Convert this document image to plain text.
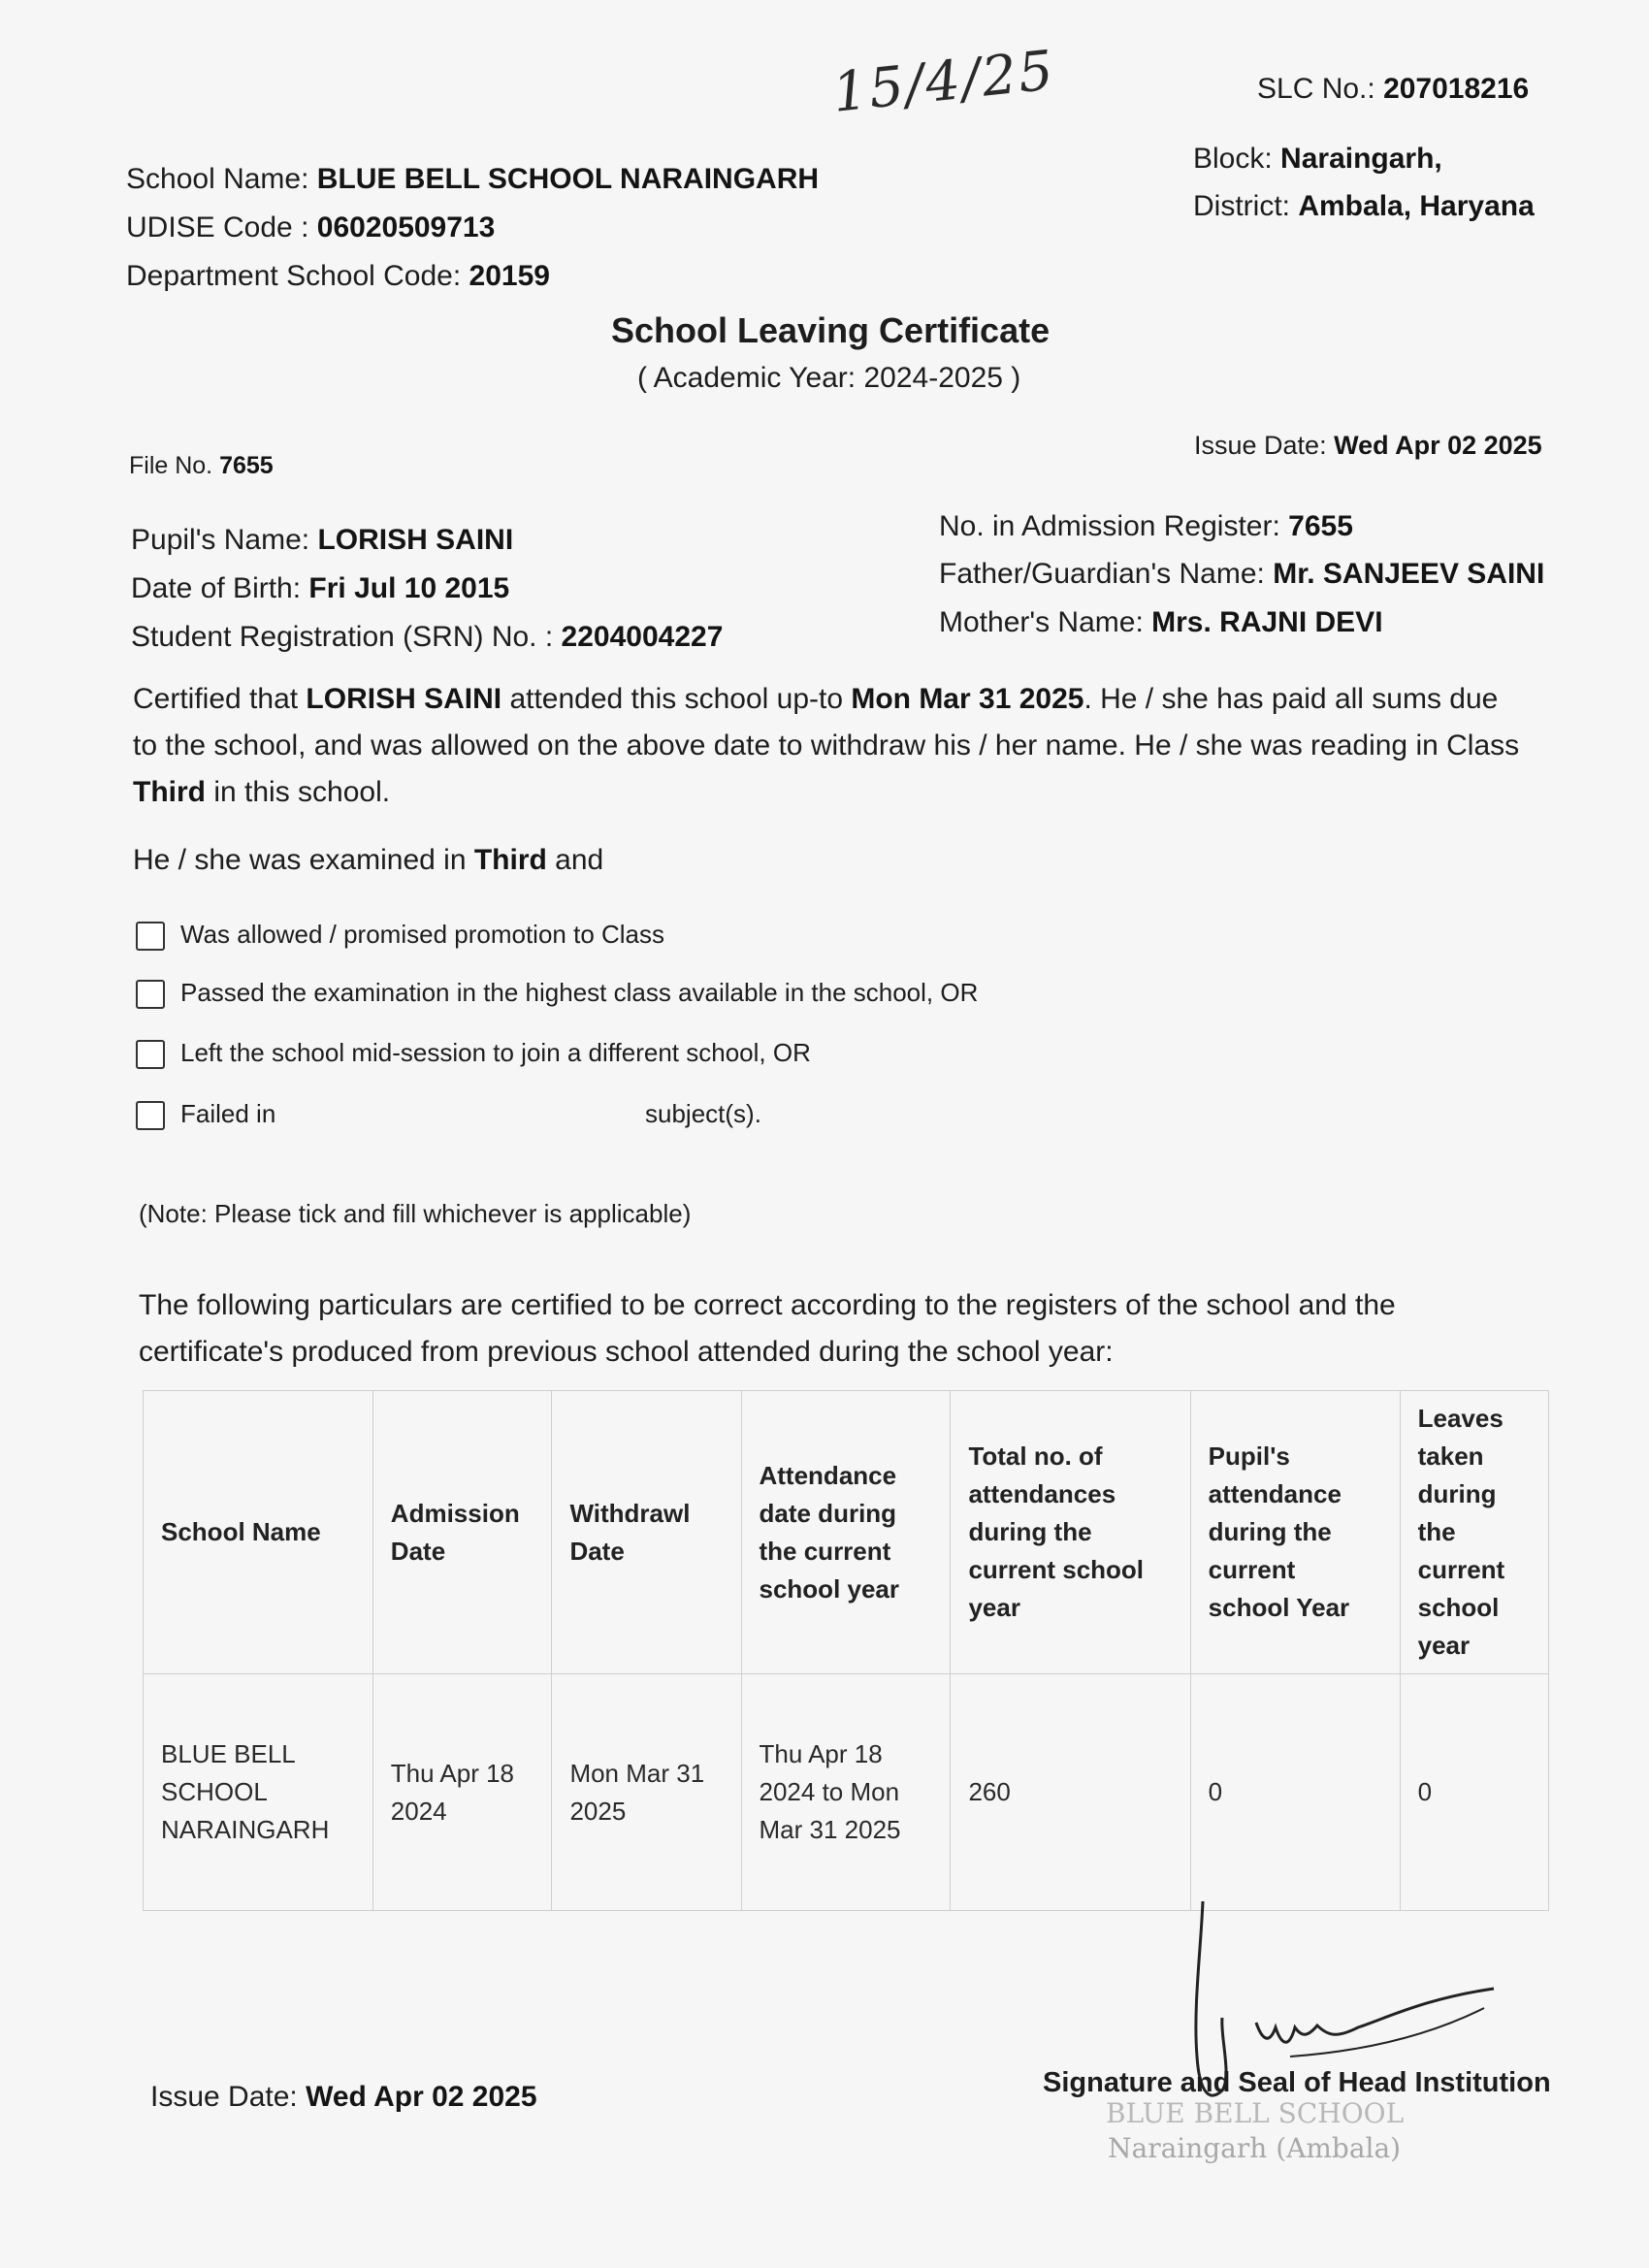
15/4/25	SLC No.: 207018216
Block: Naraingarh,
District: Ambala, Haryana
School Name: BLUE BELL SCHOOL NARAINGARH
UDISE Code : 06020509713
Department School Code: 20159
School Leaving Certificate
( Academic Year: 2024-2025 )
File No. 7655
Issue Date: Wed Apr 02 2025
Pupil's Name: LORISH SAINI
Date of Birth: Fri Jul 10 2015
Student Registration (SRN) No. : 2204004227
No. in Admission Register: 7655
Father/Guardian's Name: Mr. SANJEEV SAINI
Mother's Name: Mrs. RAJNI DEVI
Certified that LORISH SAINI attended this school up-to Mon Mar 31 2025. He / she has paid all sums due to the school, and was allowed on the above date to withdraw his / her name. He / she was reading in Class Third in this school.
He / she was examined in Third and
Was allowed / promised promotion to Class
Passed the examination in the highest class available in the school, OR
Left the school mid-session to join a different school, OR
Failed in	subject(s).
(Note: Please tick and fill whichever is applicable)
The following particulars are certified to be correct according to the registers of the school and the certificate's produced from previous school attended during the school year:
School Name	Admission Date	Withdrawl Date	Attendance date during the current school year	Total no. of attendances during the current school year	Pupil's attendance during the current school Year	Leaves taken during the current school year
BLUE BELL SCHOOL NARAINGARH	Thu Apr 18 2024	Mon Mar 31 2025	Thu Apr 18 2024 to Mon Mar 31 2025	260	0	0
Issue Date: Wed Apr 02 2025	Signature and Seal of Head Institution
BLUE BELL SCHOOL
Naraingarh (Ambala)
